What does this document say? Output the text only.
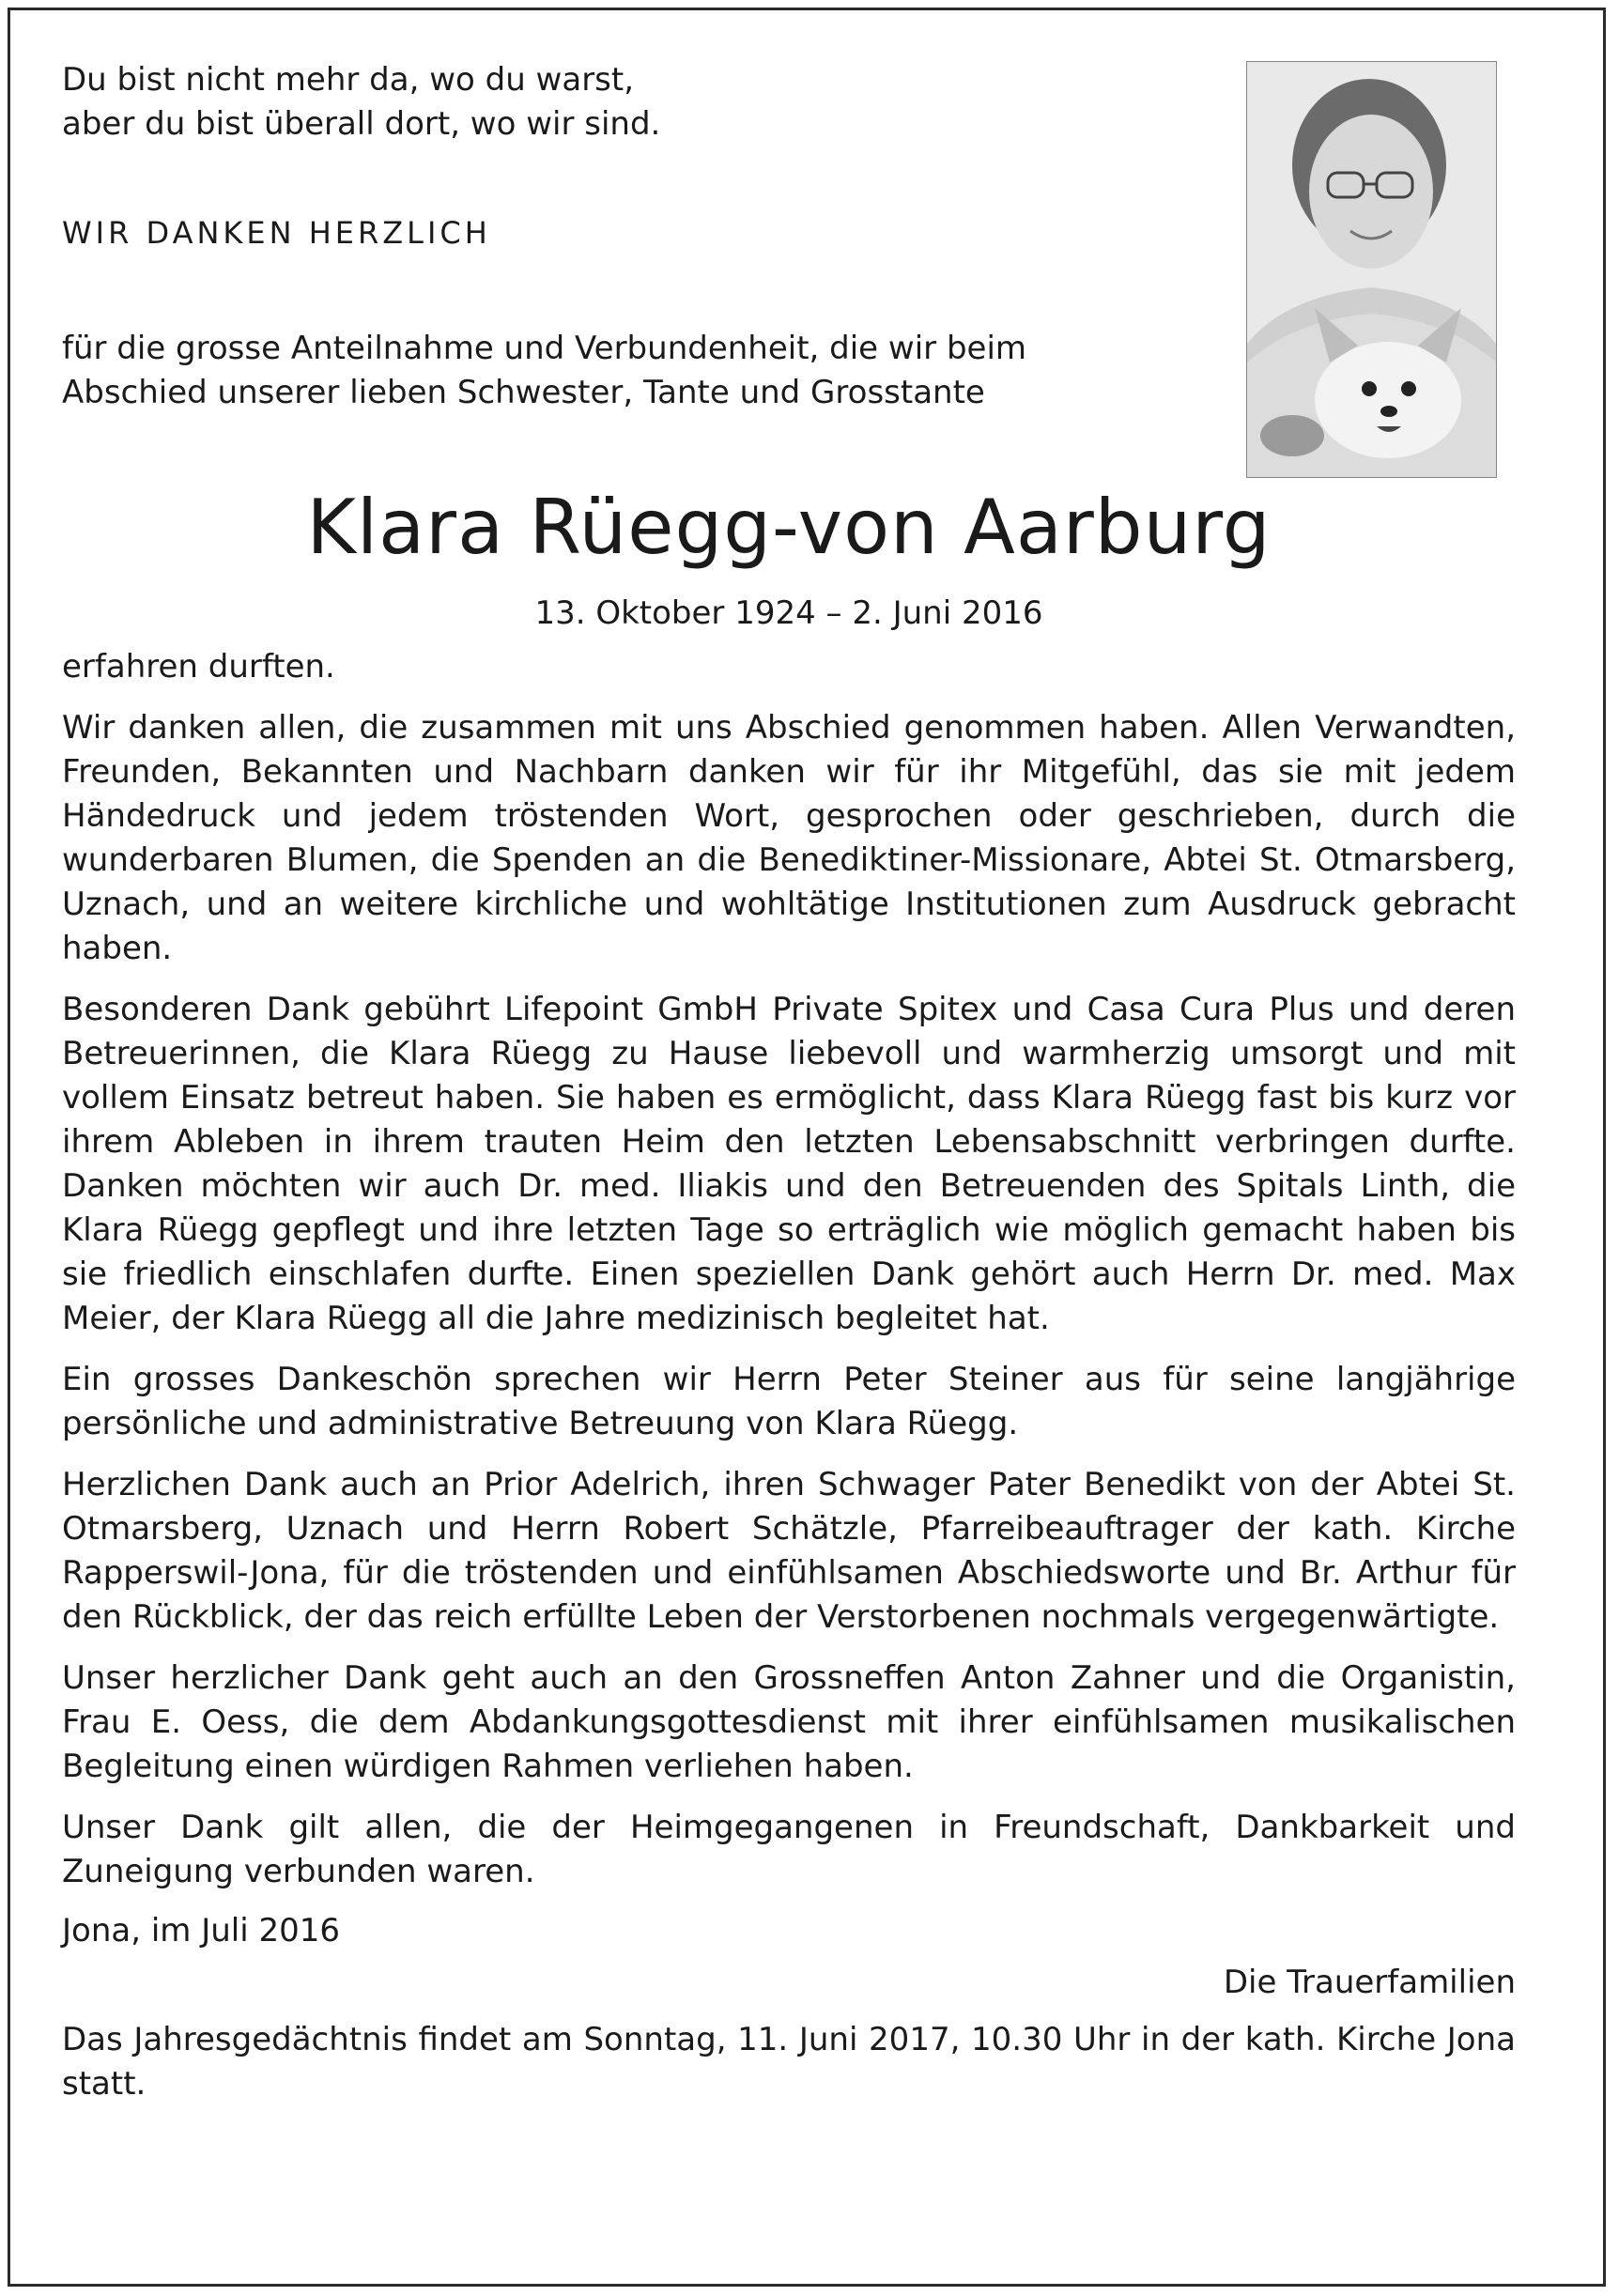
Du bist nicht mehr da, wo du warst,
aber du bist überall dort, wo wir sind.

WIR DANKEN HERZLICH

für die grosse Anteilnahme und Verbundenheit, die wir beim
Abschied unserer lieben Schwester, Tante und Grosstante

Klara Rüegg-von Aarburg

13. Oktober 1924 – 2. Juni 2016

erfahren durften.

Wir danken allen, die zusammen mit uns Abschied genommen haben. Allen Verwandten, Freunden, Bekannten und Nachbarn danken wir für ihr Mitgefühl, das sie mit jedem Händedruck und jedem tröstenden Wort, gesprochen oder geschrieben, durch die wunderbaren Blumen, die Spenden an die Benediktiner-Missionare, Abtei St. Otmarsberg, Uznach, und an weitere kirchliche und wohltätige Institutionen zum Ausdruck gebracht haben.

Besonderen Dank gebührt Lifepoint GmbH Private Spitex und Casa Cura Plus und deren Betreuerinnen, die Klara Rüegg zu Hause liebevoll und warmherzig umsorgt und mit vollem Einsatz betreut haben. Sie haben es ermöglicht, dass Klara Rüegg fast bis kurz vor ihrem Ableben in ihrem trauten Heim den letzten Lebensabschnitt verbringen durfte. Danken möchten wir auch Dr. med. Iliakis und den Betreuenden des Spitals Linth, die Klara Rüegg gepflegt und ihre letzten Tage so erträglich wie möglich gemacht haben bis sie friedlich einschlafen durfte. Einen speziellen Dank gehört auch Herrn Dr. med. Max Meier, der Klara Rüegg all die Jahre medizinisch begleitet hat.

Ein grosses Dankeschön sprechen wir Herrn Peter Steiner aus für seine langjährige persönliche und administrative Betreuung von Klara Rüegg.

Herzlichen Dank auch an Prior Adelrich, ihren Schwager Pater Benedikt von der Abtei St. Otmarsberg, Uznach und Herrn Robert Schätzle, Pfarreibeauftrager der kath. Kirche Rapperswil-Jona, für die tröstenden und einfühlsamen Abschiedsworte und Br. Arthur für den Rückblick, der das reich erfüllte Leben der Verstorbenen nochmals vergegenwärtigte.

Unser herzlicher Dank geht auch an den Grossneffen Anton Zahner und die Organistin, Frau E. Oess, die dem Abdankungsgottesdienst mit ihrer einfühlsamen musikalischen Begleitung einen würdigen Rahmen verliehen haben.

Unser Dank gilt allen, die der Heimgegangenen in Freundschaft, Dankbarkeit und Zuneigung verbunden waren.

Jona, im Juli 2016

Die Trauerfamilien

Das Jahresgedächtnis findet am Sonntag, 11. Juni 2017, 10.30 Uhr in der kath. Kirche Jona statt.
